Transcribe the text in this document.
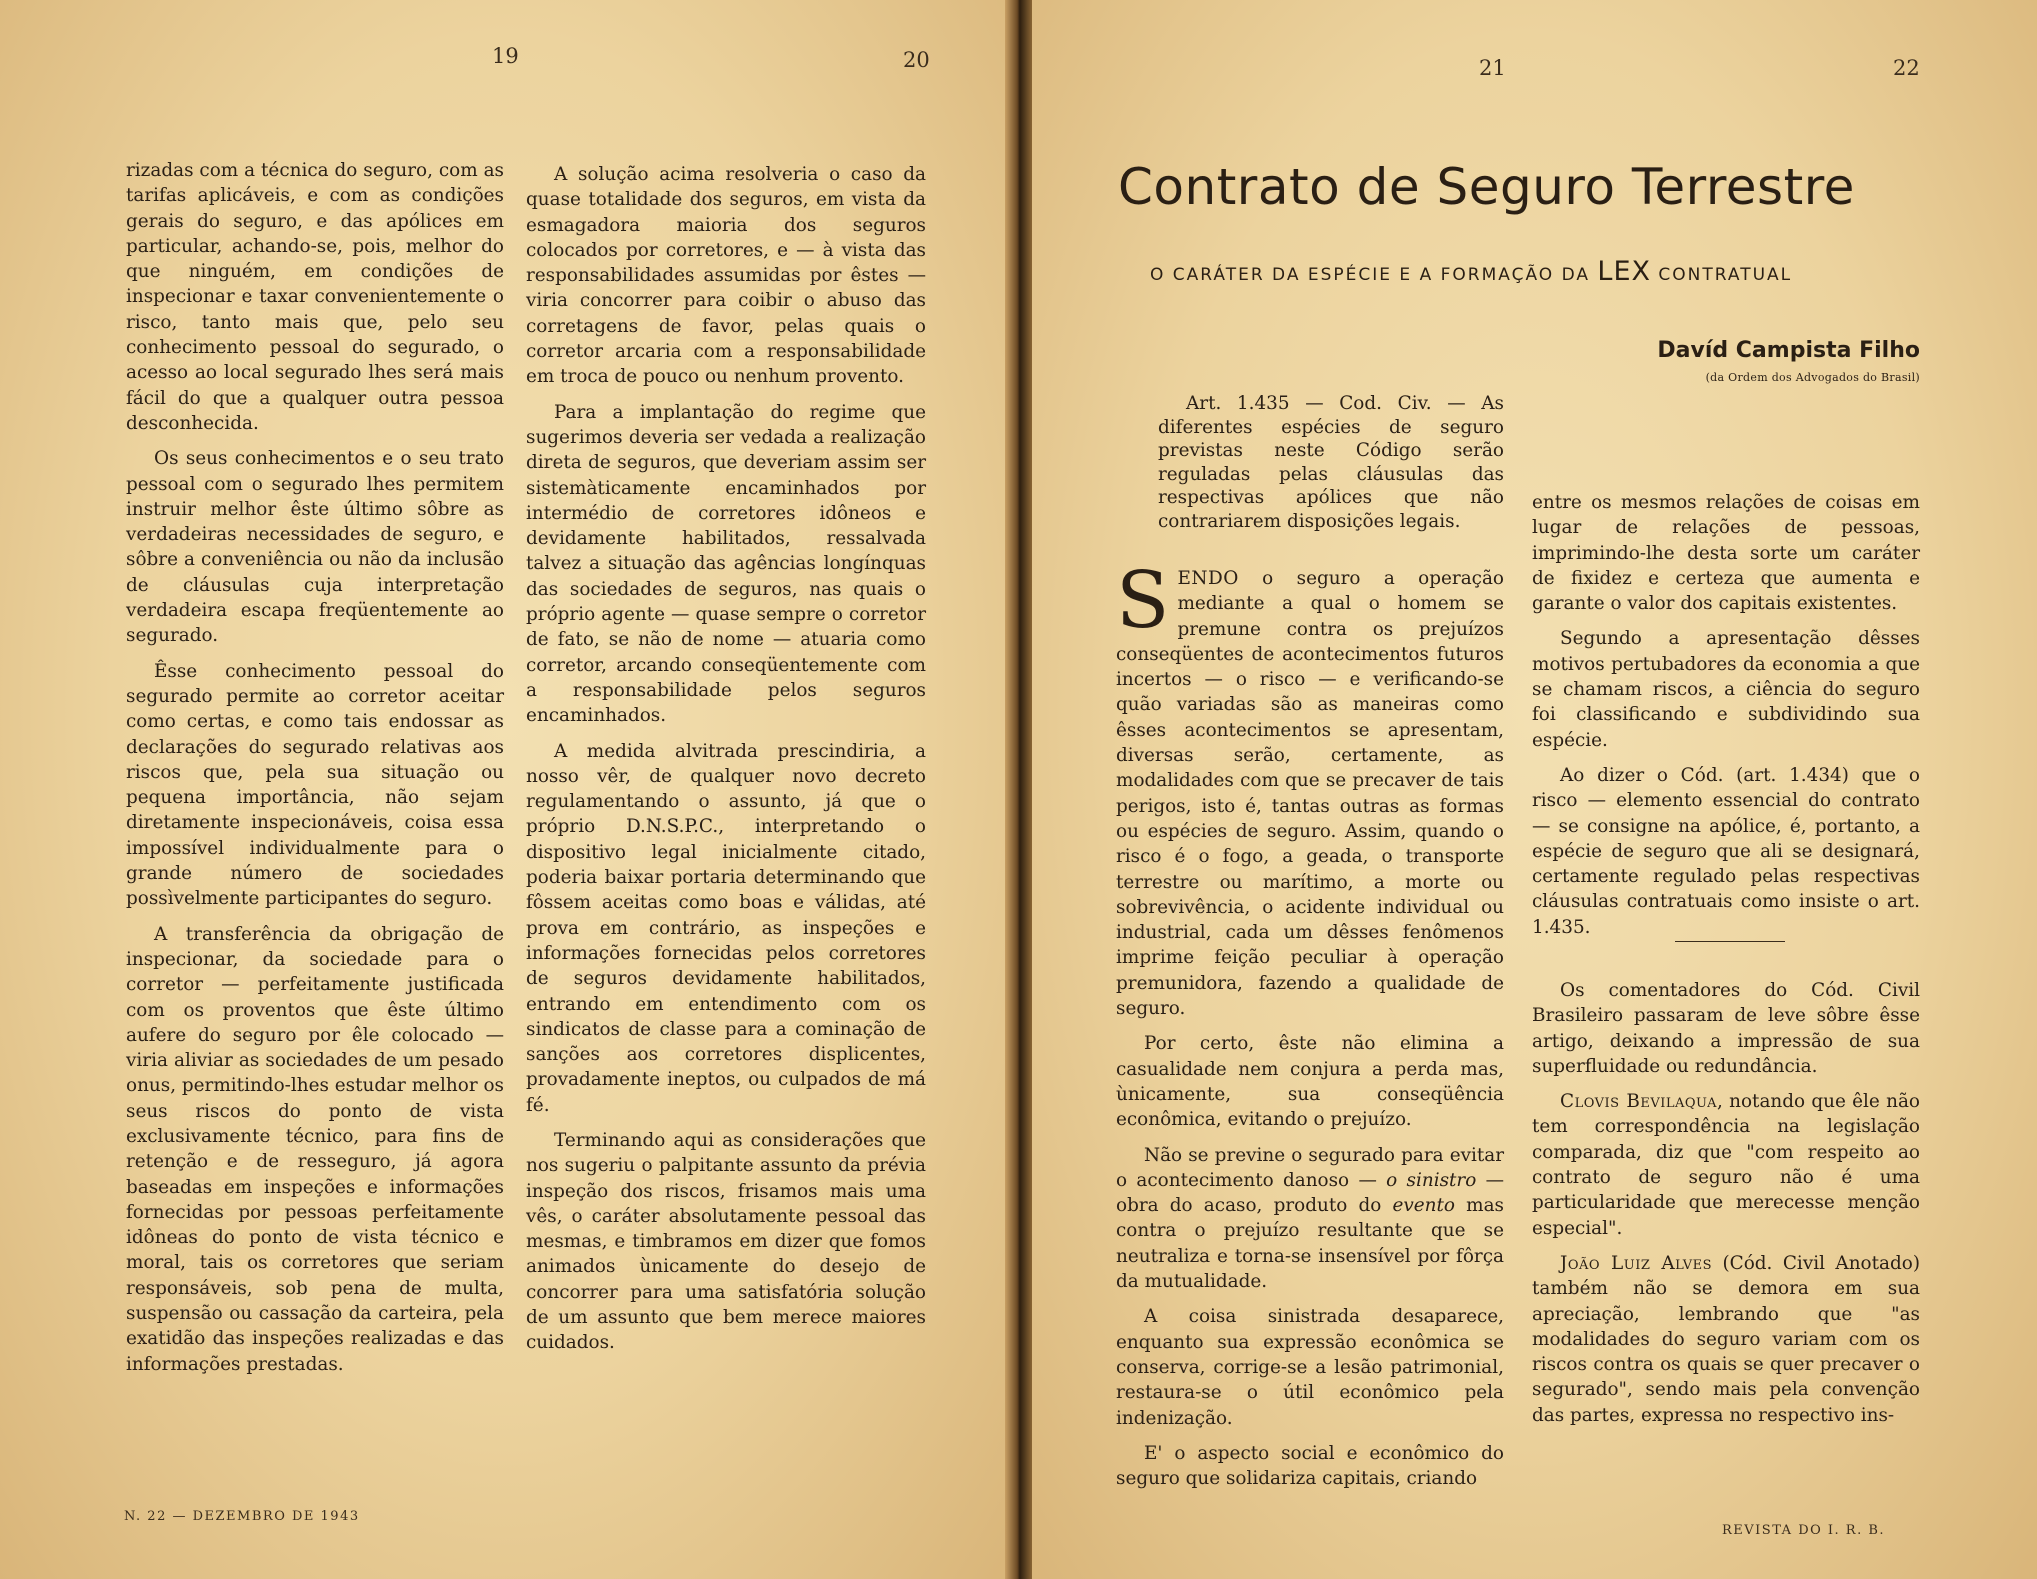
19	20	21	22

rizadas com a técnica do seguro, com as tarifas aplicáveis, e com as condições gerais do seguro, e das apólices em particular, achando-se, pois, melhor do que ninguém, em condições de inspecionar e taxar convenientemente o risco, tanto mais que, pelo seu conhecimento pessoal do segurado, o acesso ao local segurado lhes será mais fácil do que a qualquer outra pessoa desconhecida.

Os seus conhecimentos e o seu trato pessoal com o segurado lhes permitem instruir melhor êste último sôbre as verdadeiras necessidades de seguro, e sôbre a conveniência ou não da inclusão de cláusulas cuja interpretação verdadeira escapa freqüentemente ao segurado.

Êsse conhecimento pessoal do segurado permite ao corretor aceitar como certas, e como tais endossar as declarações do segurado relativas aos riscos que, pela sua situação ou pequena importância, não sejam diretamente inspecionáveis, coisa essa impossível individualmente para o grande número de sociedades possìvelmente participantes do seguro.

A transferência da obrigação de inspecionar, da sociedade para o corretor — perfeitamente justificada com os proventos que êste último aufere do seguro por êle colocado — viria aliviar as sociedades de um pesado onus, permitindo-lhes estudar melhor os seus riscos do ponto de vista exclusivamente técnico, para fins de retenção e de resseguro, já agora baseadas em inspeções e informações fornecidas por pessoas perfeitamente idôneas do ponto de vista técnico e moral, tais os corretores que seriam responsáveis, sob pena de multa, suspensão ou cassação da carteira, pela exatidão das inspeções realizadas e das informações prestadas.

A solução acima resolveria o caso da quase totalidade dos seguros, em vista da esmagadora maioria dos seguros colocados por corretores, e — à vista das responsabilidades assumidas por êstes — viria concorrer para coibir o abuso das corretagens de favor, pelas quais o corretor arcaria com a responsabilidade em troca de pouco ou nenhum provento.

Para a implantação do regime que sugerimos deveria ser vedada a realização direta de seguros, que deveriam assim ser sistemàticamente encaminhados por intermédio de corretores idôneos e devidamente habilitados, ressalvada talvez a situação das agências longínquas das sociedades de seguros, nas quais o próprio agente — quase sempre o corretor de fato, se não de nome — atuaria como corretor, arcando conseqüentemente com a responsabilidade pelos seguros encaminhados.

A medida alvitrada prescindiria, a nosso vêr, de qualquer novo decreto regulamentando o assunto, já que o próprio D.N.S.P.C., interpretando o dispositivo legal inicialmente citado, poderia baixar portaria determinando que fôssem aceitas como boas e válidas, até prova em contrário, as inspeções e informações fornecidas pelos corretores de seguros devidamente habilitados, entrando em entendimento com os sindicatos de classe para a cominação de sanções aos corretores displicentes, provadamente ineptos, ou culpados de má fé.

Terminando aqui as considerações que nos sugeriu o palpitante assunto da prévia inspeção dos riscos, frisamos mais uma vês, o caráter absolutamente pessoal das mesmas, e timbramos em dizer que fomos animados ùnicamente do desejo de concorrer para uma satisfatória solução de um assunto que bem merece maiores cuidados.

N. 22 — DEZEMBRO DE 1943
REVISTA DO I. R. B.
Contrato de Seguro Terrestre
O CARÁTER DA ESPÉCIE E A FORMAÇÃO DA LEX CONTRATUAL
Davíd Campista Filho
(da Ordem dos Advogados do Brasil)

Art. 1.435 — Cod. Civ. — As diferentes espécies de seguro previstas neste Código serão reguladas pelas cláusulas das respectivas apólices que não contrariarem disposições legais.

SENDO o seguro a operação mediante a qual o homem se premune contra os prejuízos conseqüentes de acontecimentos futuros incertos — o risco — e verificando-se quão variadas são as maneiras como êsses acontecimentos se apresentam, diversas serão, certamente, as modalidades com que se precaver de tais perigos, isto é, tantas outras as formas ou espécies de seguro. Assim, quando o risco é o fogo, a geada, o transporte terrestre ou marítimo, a morte ou sobrevivência, o acidente individual ou industrial, cada um dêsses fenômenos imprime feição peculiar à operação premunidora, fazendo a qualidade de seguro.

Por certo, êste não elimina a casualidade nem conjura a perda mas, ùnicamente, sua conseqüência econômica, evitando o prejuízo.

Não se previne o segurado para evitar o acontecimento danoso — o sinistro — obra do acaso, produto do evento mas contra o prejuízo resultante que se neutraliza e torna-se insensível por fôrça da mutualidade.

A coisa sinistrada desaparece, enquanto sua expressão econômica se conserva, corrige-se a lesão patrimonial, restaura-se o útil econômico pela indenização.

E' o aspecto social e econômico do seguro que solidariza capitais, criando

entre os mesmos relações de coisas em lugar de relações de pessoas, imprimindo-lhe desta sorte um caráter de fixidez e certeza que aumenta e garante o valor dos capitais existentes.

Segundo a apresentação dêsses motivos pertubadores da economia a que se chamam riscos, a ciência do seguro foi classificando e subdividindo sua espécie.

Ao dizer o Cód. (art. 1.434) que o risco — elemento essencial do contrato — se consigne na apólice, é, portanto, a espécie de seguro que ali se designará, certamente regulado pelas respectivas cláusulas contratuais como insiste o art. 1.435.

Os comentadores do Cód. Civil Brasileiro passaram de leve sôbre êsse artigo, deixando a impressão de sua superfluidade ou redundância.

Clovis Bevilaqua, notando que êle não tem correspondência na legislação comparada, diz que "com respeito ao contrato de seguro não é uma particularidade que merecesse menção especial".

João Luiz Alves (Cód. Civil Anotado) também não se demora em sua apreciação, lembrando que "as modalidades do seguro variam com os riscos contra os quais se quer precaver o segurado", sendo mais pela convenção das partes, expressa no respectivo ins-
